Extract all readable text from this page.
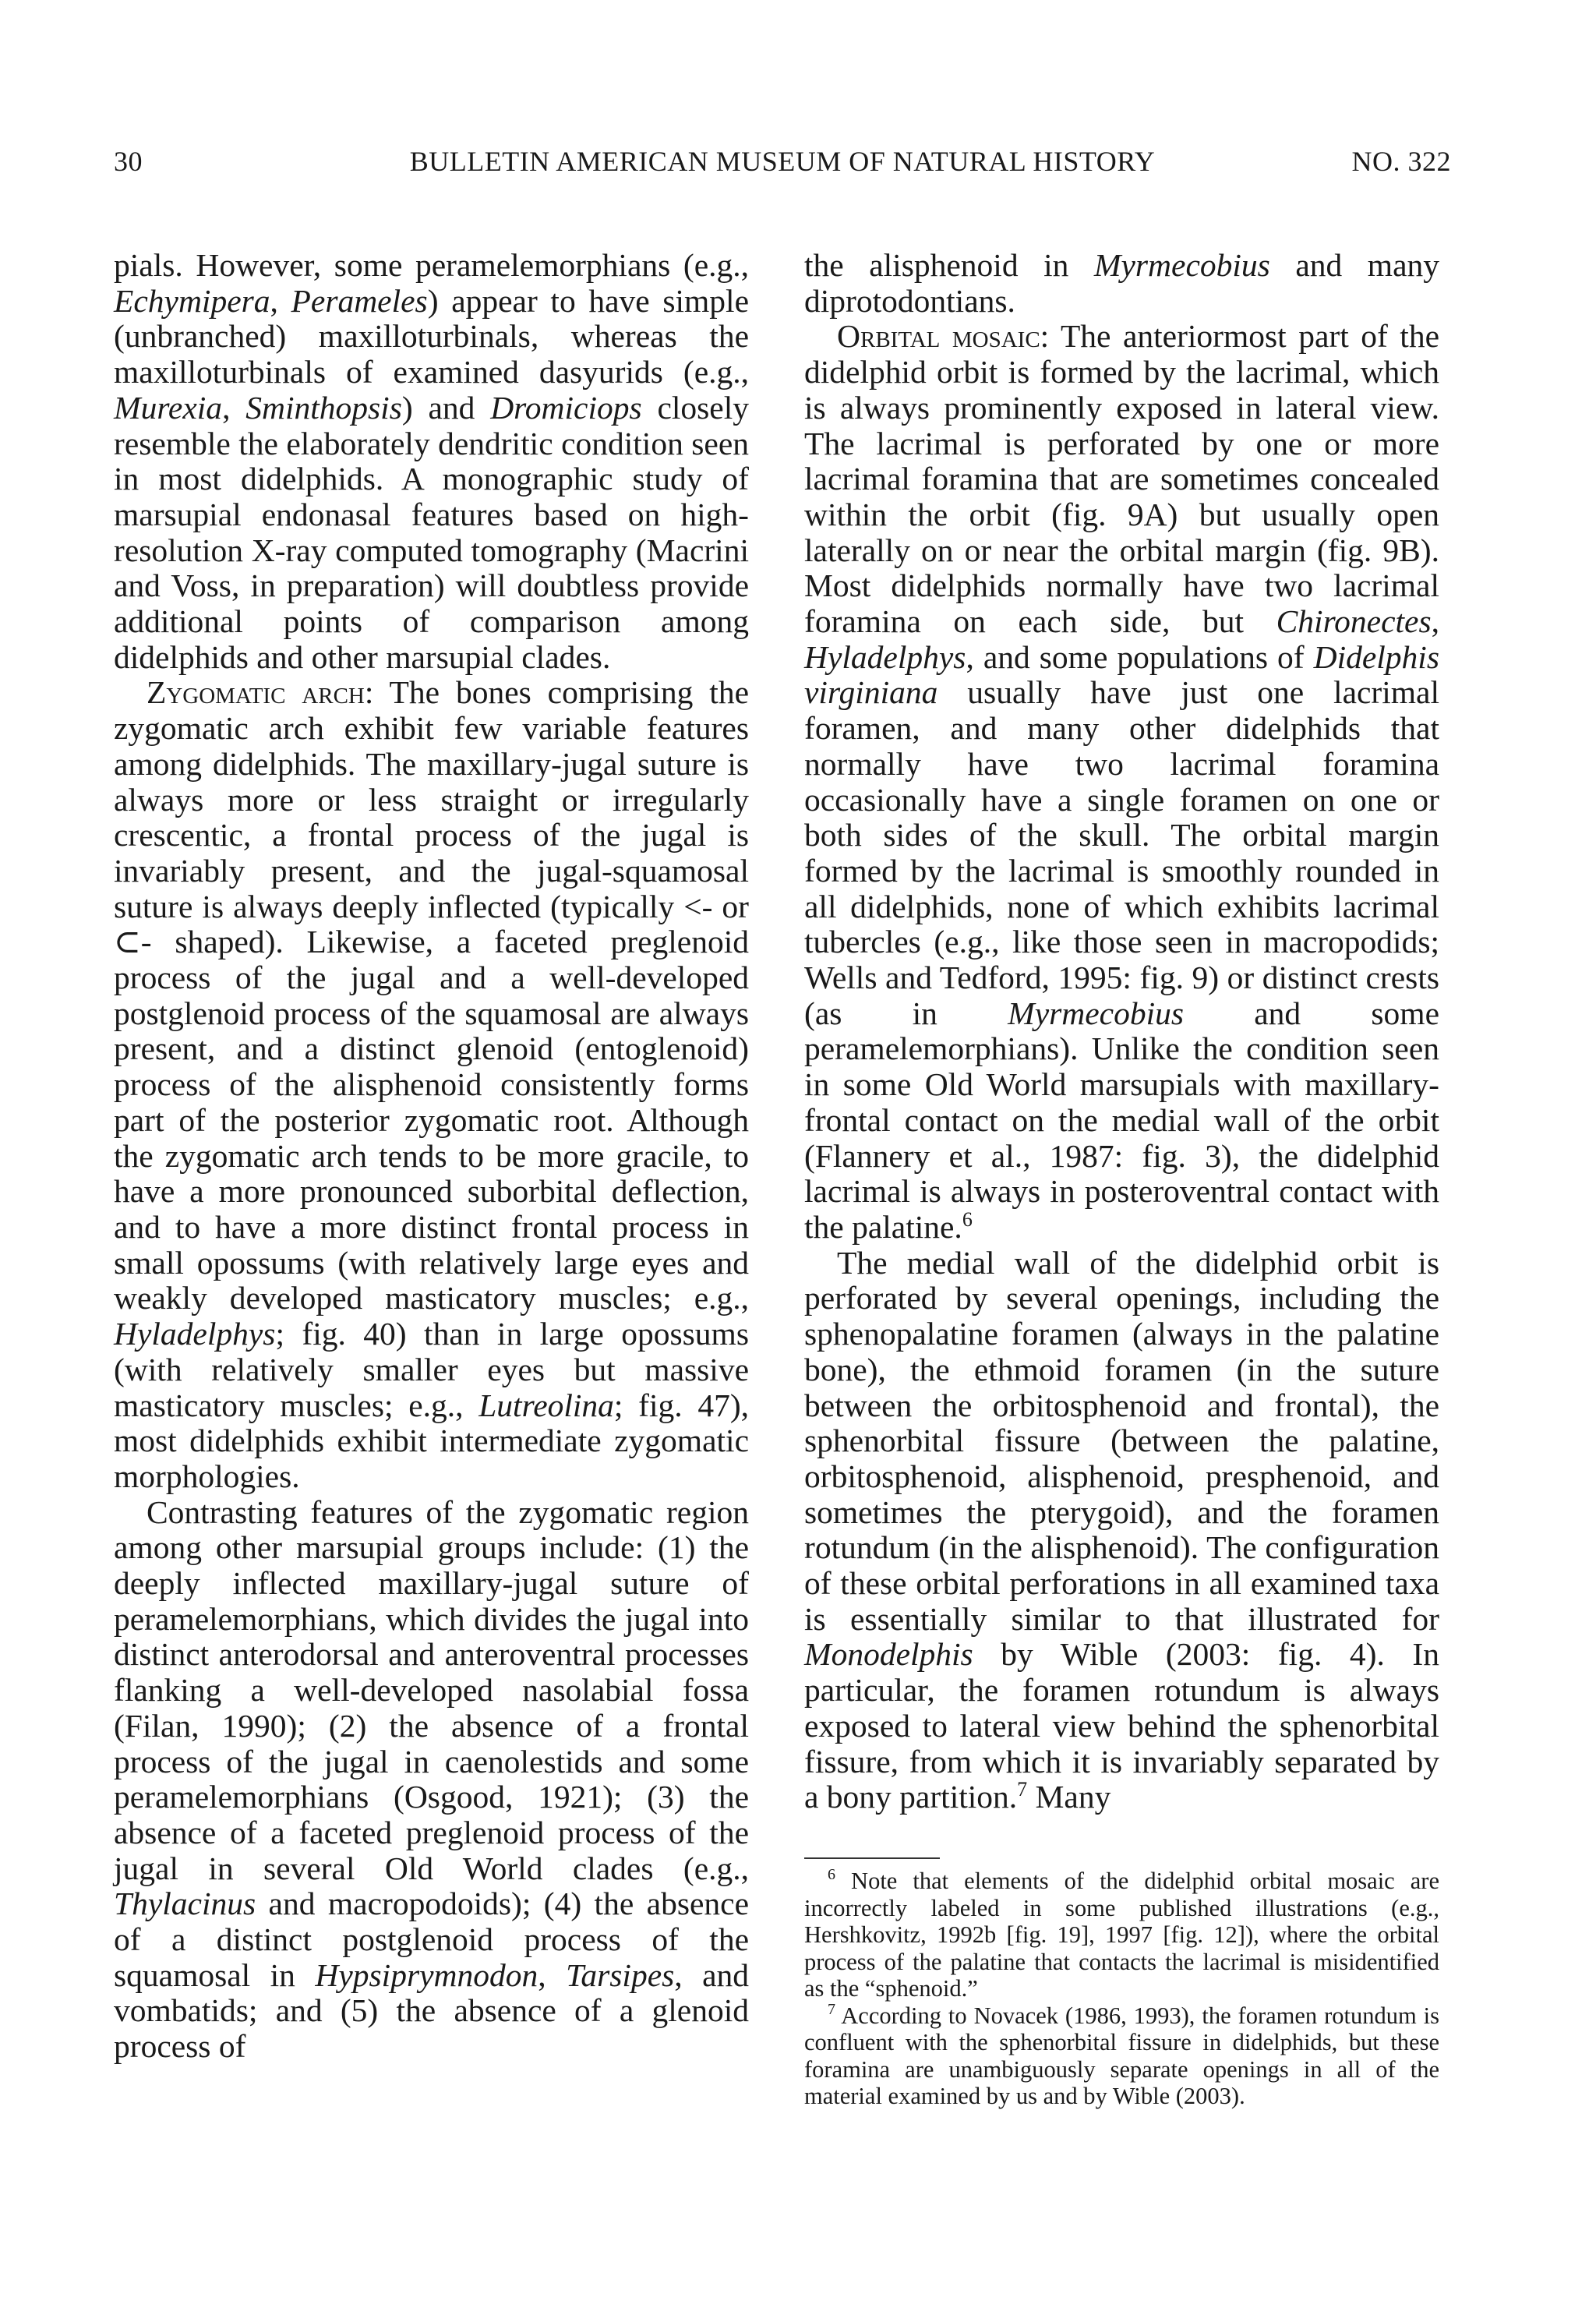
30	BULLETIN AMERICAN MUSEUM OF NATURAL HISTORY	NO. 322

pials. However, some peramelemorphians (e.g., Echymipera, Perameles) appear to have simple (unbranched) maxilloturbinals, whereas the maxilloturbinals of examined dasyurids (e.g., Murexia, Sminthopsis) and Dromiciops closely resemble the elaborately dendritic condition seen in most didelphids. A monographic study of marsupial endonasal features based on high-resolution X-ray computed tomography (Macrini and Voss, in preparation) will doubtless provide additional points of comparison among didelphids and other marsupial clades.

Zygomatic arch: The bones comprising the zygomatic arch exhibit few variable features among didelphids. The maxillary-jugal suture is always more or less straight or irregularly crescentic, a frontal process of the jugal is invariably present, and the jugal-squamosal suture is always deeply inflected (typically <- or ⊂- shaped). Likewise, a faceted preglenoid process of the jugal and a well-developed postglenoid process of the squamosal are always present, and a distinct glenoid (entoglenoid) process of the alisphenoid consistently forms part of the posterior zygomatic root. Although the zygomatic arch tends to be more gracile, to have a more pronounced suborbital deflection, and to have a more distinct frontal process in small opossums (with relatively large eyes and weakly developed masticatory muscles; e.g., Hyladelphys; fig. 40) than in large opossums (with relatively smaller eyes but massive masticatory muscles; e.g., Lutreolina; fig. 47), most didelphids exhibit intermediate zygomatic morphologies.

Contrasting features of the zygomatic region among other marsupial groups include: (1) the deeply inflected maxillary-jugal suture of peramelemorphians, which divides the jugal into distinct anterodorsal and anteroventral processes flanking a well-developed nasolabial fossa (Filan, 1990); (2) the absence of a frontal process of the jugal in caenolestids and some peramelemorphians (Osgood, 1921); (3) the absence of a faceted preglenoid process of the jugal in several Old World clades (e.g., Thylacinus and macropodoids); (4) the absence of a distinct postglenoid process of the squamosal in Hypsiprymnodon, Tarsipes, and vombatids; and (5) the absence of a glenoid process of

the alisphenoid in Myrmecobius and many diprotodontians.

Orbital mosaic: The anteriormost part of the didelphid orbit is formed by the lacrimal, which is always prominently exposed in lateral view. The lacrimal is perforated by one or more lacrimal foramina that are sometimes concealed within the orbit (fig. 9A) but usually open laterally on or near the orbital margin (fig. 9B). Most didelphids normally have two lacrimal foramina on each side, but Chironectes, Hyladelphys, and some populations of Didelphis virginiana usually have just one lacrimal foramen, and many other didelphids that normally have two lacrimal foramina occasionally have a single foramen on one or both sides of the skull. The orbital margin formed by the lacrimal is smoothly rounded in all didelphids, none of which exhibits lacrimal tubercles (e.g., like those seen in macropodids; Wells and Tedford, 1995: fig. 9) or distinct crests (as in Myrmecobius and some peramelemorphians). Unlike the condition seen in some Old World marsupials with maxillary-frontal contact on the medial wall of the orbit (Flannery et al., 1987: fig. 3), the didelphid lacrimal is always in posteroventral contact with the palatine.$^6$

The medial wall of the didelphid orbit is perforated by several openings, including the sphenopalatine foramen (always in the palatine bone), the ethmoid foramen (in the suture between the orbitosphenoid and frontal), the sphenorbital fissure (between the palatine, orbitosphenoid, alisphenoid, presphenoid, and sometimes the pterygoid), and the foramen rotundum (in the alisphenoid). The configuration of these orbital perforations in all examined taxa is essentially similar to that illustrated for Monodelphis by Wible (2003: fig. 4). In particular, the foramen rotundum is always exposed to lateral view behind the sphenorbital fissure, from which it is invariably separated by a bony partition.$^7$ Many

$^6$ Note that elements of the didelphid orbital mosaic are incorrectly labeled in some published illustrations (e.g., Hershkovitz, 1992b [fig. 19], 1997 [fig. 12]), where the orbital process of the palatine that contacts the lacrimal is misidentified as the “sphenoid.”

$^7$ According to Novacek (1986, 1993), the foramen rotundum is confluent with the sphenorbital fissure in didelphids, but these foramina are unambiguously separate openings in all of the material examined by us and by Wible (2003).
